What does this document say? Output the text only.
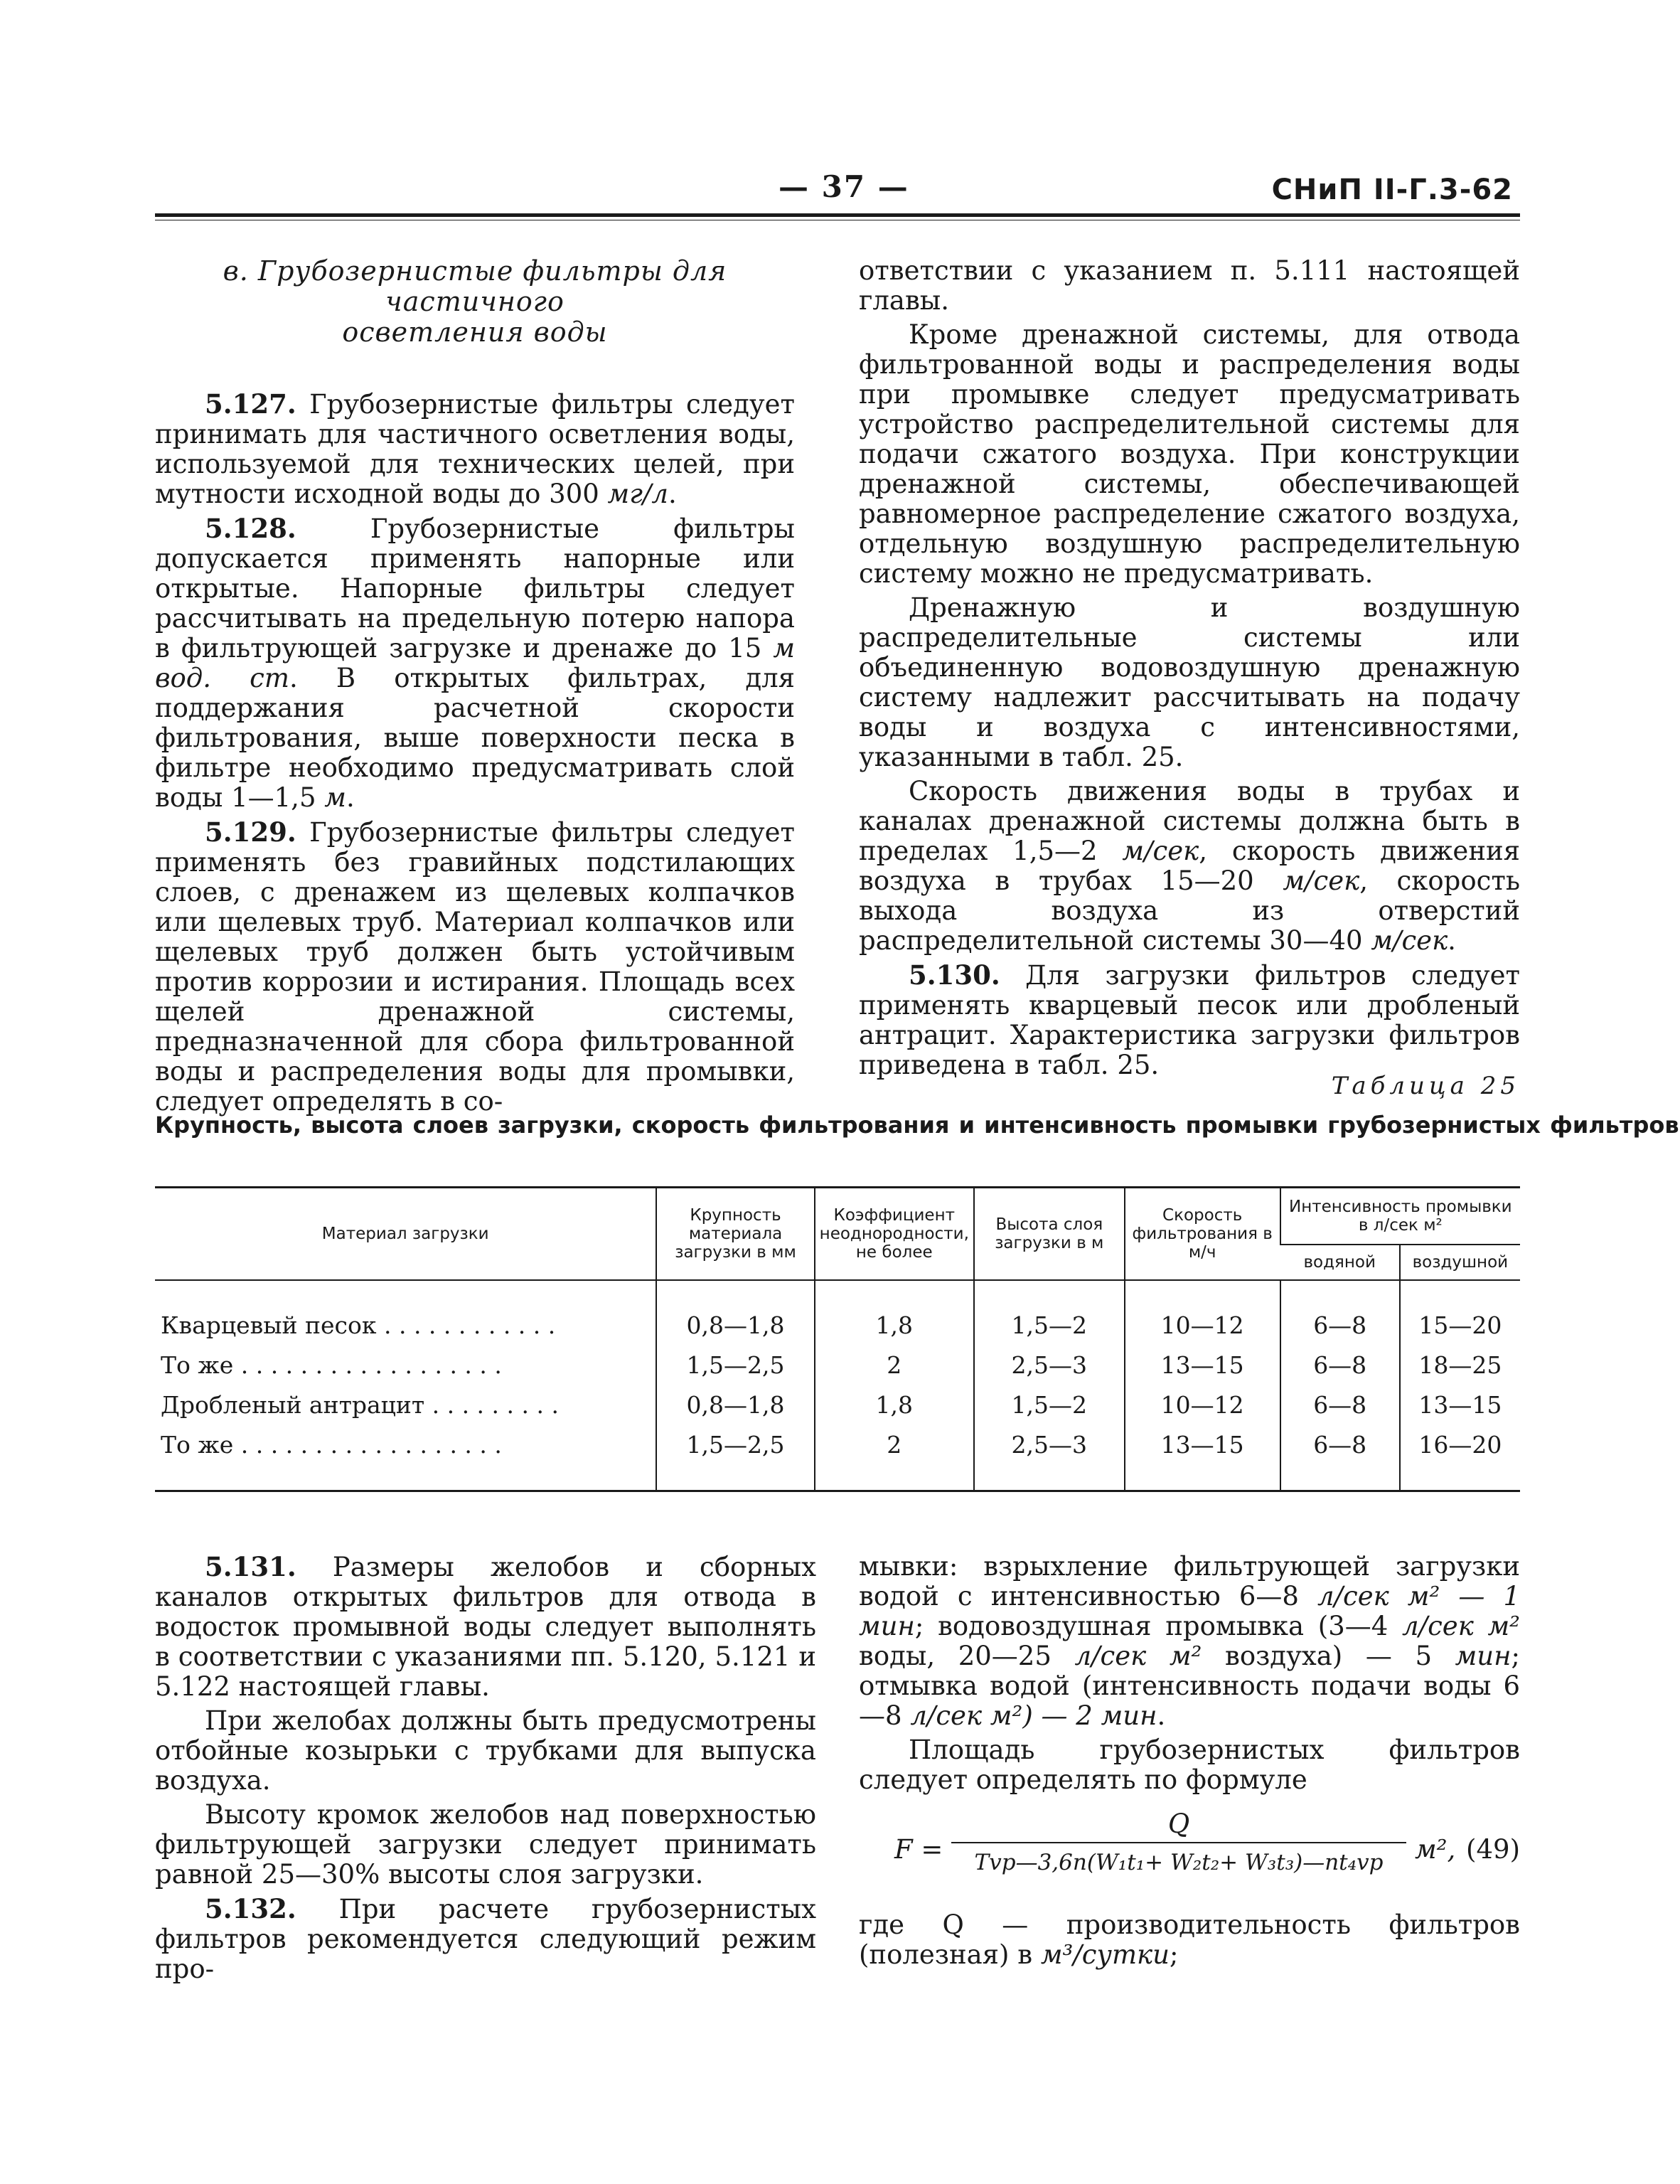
— 37 —	СНиП II-Г.3-62
в. Грубозернистые фильтры для частичного
осветления воды

5.127. Грубозернистые фильтры следует принимать для частичного осветления воды, используемой для технических целей, при мутности исходной воды до 300 мг/л.

5.128. Грубозернистые фильтры допускается применять напорные или открытые. Напорные фильтры следует рассчитывать на предельную потерю напора в фильтрующей загрузке и дренаже до 15 м вод. ст. В открытых фильтрах, для поддержания расчетной скорости фильтрования, выше поверхности песка в фильтре необходимо предусматривать слой воды 1—1,5 м.

5.129. Грубозернистые фильтры следует применять без гравийных подстилающих слоев, с дренажем из щелевых колпачков или щелевых труб. Материал колпачков или щелевых труб должен быть устойчивым против коррозии и истирания. Площадь всех щелей дренажной системы, предназначенной для сбора фильтрованной воды и распределения воды для промывки, следует определять в со-

ответствии с указанием п. 5.111 настоящей главы.

Кроме дренажной системы, для отвода фильтрованной воды и распределения воды при промывке следует предусматривать устройство распределительной системы для подачи сжатого воздуха. При конструкции дренажной системы, обеспечивающей равномерное распределение сжатого воздуха, отдельную воздушную распределительную систему можно не предусматривать.

Дренажную и воздушную распределительные системы или объединенную водовоздушную дренажную систему надлежит рассчитывать на подачу воды и воздуха с интенсивностями, указанными в табл. 25.

Скорость движения воды в трубах и каналах дренажной системы должна быть в пределах 1,5—2 м/сек, скорость движения воздуха в трубах 15—20 м/сек, скорость выхода воздуха из отверстий распределительной системы 30—40 м/сек.

5.130. Для загрузки фильтров следует применять кварцевый песок или дробленый антрацит. Характеристика загрузки фильтров приведена в табл. 25.

Таблица 25
Крупность, высота слоев загрузки, скорость фильтрования и интенсивность промывки грубозернистых фильтров
Материал загрузки	Крупность материала загрузки в мм	Коэффициент неоднородности, не более	Высота слоя загрузки в м	Скорость фильтрования в м/ч	Интенсивность промывки в л/сек м²	
					водяной	воздушной
Кварцевый песок . . . . . . . . . . . .	0,8—1,8	1,8	1,5—2	10—12	6—8	15—20
То же . . . . . . . . . . . . . . . . . .	1,5—2,5	2	2,5—3	13—15	6—8	18—25
Дробленый антрацит . . . . . . . . .	0,8—1,8	1,8	1,5—2	10—12	6—8	13—15
То же . . . . . . . . . . . . . . . . . .	1,5—2,5	2	2,5—3	13—15	6—8	16—20

5.131. Размеры желобов и сборных каналов открытых фильтров для отвода в водосток промывной воды следует выполнять в соответствии с указаниями пп. 5.120, 5.121 и 5.122 настоящей главы.

При желобах должны быть предусмотрены отбойные козырьки с трубками для выпуска воздуха.

Высоту кромок желобов над поверхностью фильтрующей загрузки следует принимать равной 25—30% высоты слоя загрузки.

5.132. При расчете грубозернистых фильтров рекомендуется следующий режим про-

мывки: взрыхление фильтрующей загрузки водой с интенсивностью 6—8 л/сек м² — 1 мин; водовоздушная промывка (3—4 л/сек м² воды, 20—25 л/сек м² воздуха) — 5 мин; отмывка водой (интенсивность подачи воды 6—8 л/сек м²) — 2 мин.

Площадь грубозернистых фильтров следует определять по формуле

F =
Q
Tvр—3,6n(W₁t₁+ W₂t₂+ W₃t₃)—nt₄vр	м², (49)

где Q — производительность фильтров (полезная) в м³/сутки;
